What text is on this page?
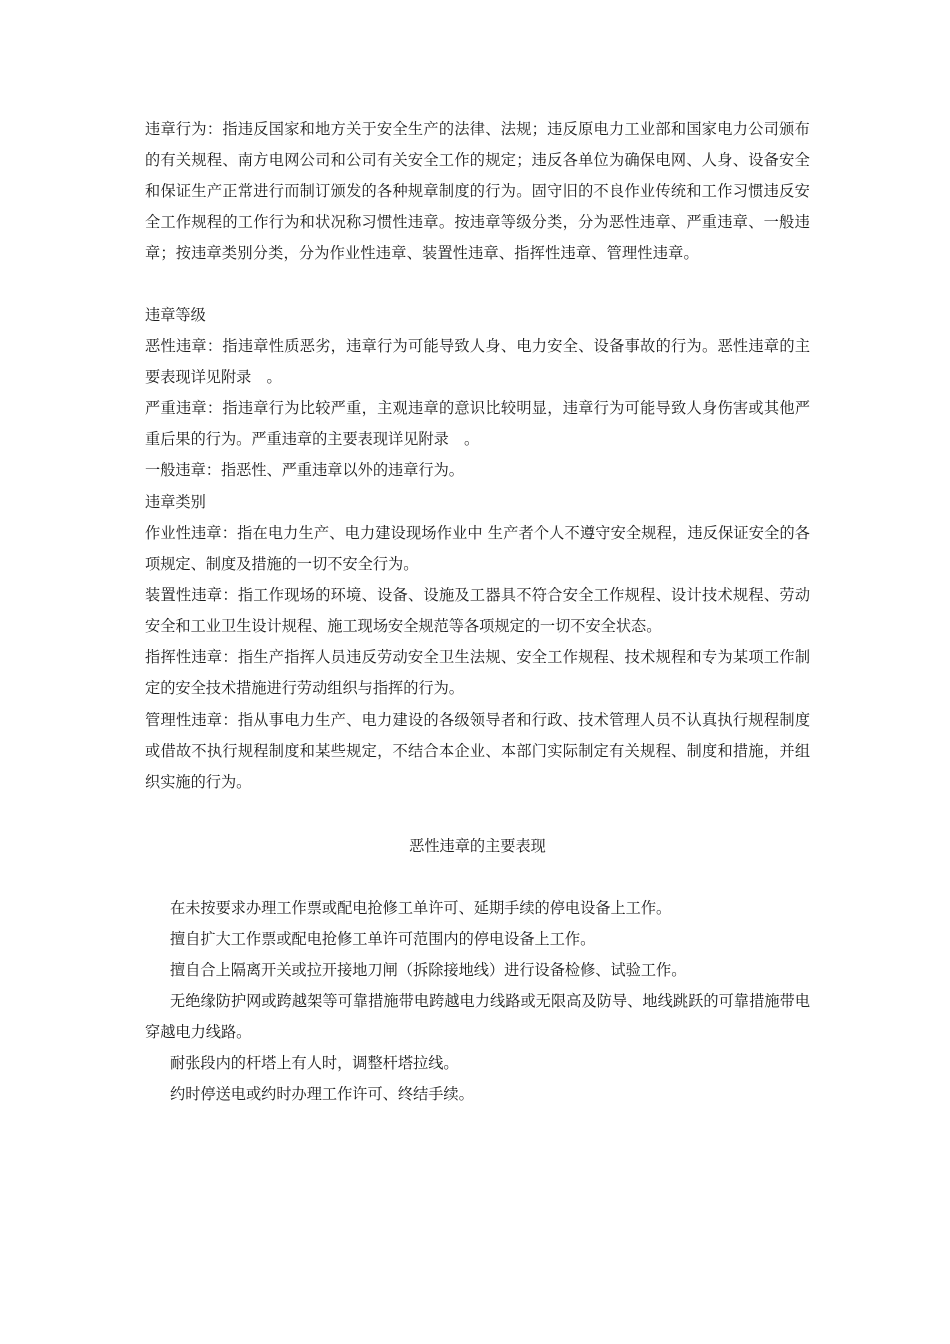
违章行为：指违反国家和地方关于安全生产的法律、法规；违反原电力工业部和国家电力公司颁布的有关规程、南方电网公司和公司有关安全工作的规定；违反各单位为确保电网、人身、设备安全和保证生产正常进行而制订颁发的各种规章制度的行为。固守旧的不良作业传统和工作习惯违反安全工作规程的工作行为和状况称习惯性违章。按违章等级分类，分为恶性违章、严重违章、一般违章；按违章类别分类，分为作业性违章、装置性违章、指挥性违章、管理性违章。

违章等级

恶性违章：指违章性质恶劣，违章行为可能导致人身、电力安全、设备事故的行为。恶性违章的主要表现详见附录　。

严重违章：指违章行为比较严重，主观违章的意识比较明显，违章行为可能导致人身伤害或其他严重后果的行为。严重违章的主要表现详见附录　。

一般违章：指恶性、严重违章以外的违章行为。

违章类别

作业性违章：指在电力生产、电力建设现场作业中 生产者个人不遵守安全规程，违反保证安全的各项规定、制度及措施的一切不安全行为。

装置性违章：指工作现场的环境、设备、设施及工器具不符合安全工作规程、设计技术规程、劳动安全和工业卫生设计规程、施工现场安全规范等各项规定的一切不安全状态。

指挥性违章：指生产指挥人员违反劳动安全卫生法规、安全工作规程、技术规程和专为某项工作制定的安全技术措施进行劳动组织与指挥的行为。

管理性违章：指从事电力生产、电力建设的各级领导者和行政、技术管理人员不认真执行规程制度或借故不执行规程制度和某些规定，不结合本企业、本部门实际制定有关规程、制度和措施，并组织实施的行为。

恶性违章的主要表现

在未按要求办理工作票或配电抢修工单许可、延期手续的停电设备上工作。

擅自扩大工作票或配电抢修工单许可范围内的停电设备上工作。

擅自合上隔离开关或拉开接地刀闸（拆除接地线）进行设备检修、试验工作。

无绝缘防护网或跨越架等可靠措施带电跨越电力线路或无限高及防导、地线跳跃的可靠措施带电穿越电力线路。

耐张段内的杆塔上有人时，调整杆塔拉线。

约时停送电或约时办理工作许可、终结手续。
